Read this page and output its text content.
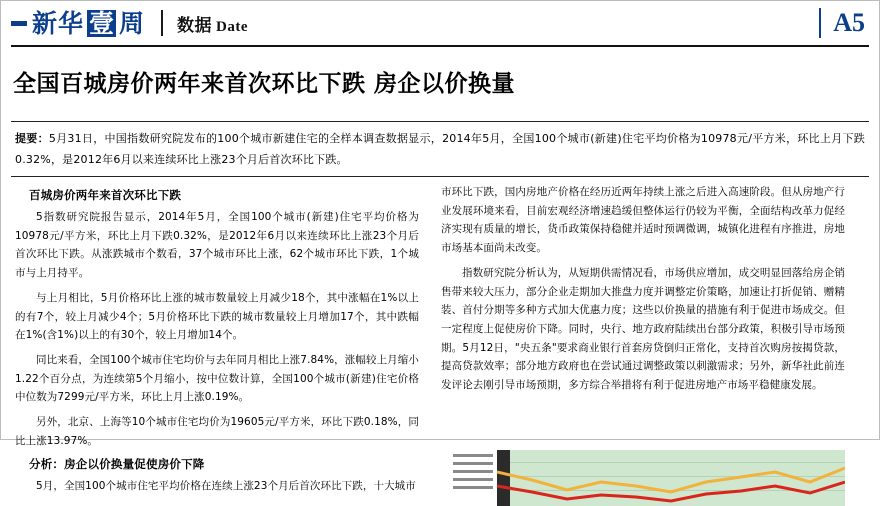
新华 壹 周 数据 Date	A5
全国百城房价两年来首次环比下跌 房企以价换量
提要：5月31日，中国指数研究院发布的100个城市新建住宅的全样本调查数据显示，2014年5月，全国100个城市(新建)住宅平均价格为10978元/平方米，环比上月下跌0.32%，是2012年6月以来连续环比上涨23个月后首次环比下跌。
百城房价两年来首次环比下跌

5指数研究院报告显示，2014年5月，全国100个城市(新建)住宅平均价格为10978元/平方米，环比上月下跌0.32%，是2012年6月以来连续环比上涨23个月后首次环比下跌。从涨跌城市个数看，37个城市环比上涨，62个城市环比下跌，1个城市与上月持平。

与上月相比，5月价格环比上涨的城市数量较上月减少18个，其中涨幅在1%以上的有7个，较上月减少4个；5月价格环比下跌的城市数量较上月增加17个，其中跌幅在1%(含1%)以上的有30个，较上月增加14个。

同比来看，全国100个城市住宅均价与去年同月相比上涨7.84%，涨幅较上月缩小1.22个百分点，为连续第5个月缩小，按中位数计算，全国100个城市(新建)住宅价格中位数为7299元/平方米，环比上月上涨0.19%。

另外，北京、上海等10个城市住宅均价为19605元/平方米，环比下跌0.18%，同比上涨13.97%。

分析：房企以价换量促使房价下降

5月，全国100个城市住宅平均价格在连续上涨23个月后首次环比下跌，十大城市

市环比下跌，国内房地产价格在经历近两年持续上涨之后进入高速阶段。但从房地产行业发展环境来看，目前宏观经济增速趋缓但整体运行仍较为平衡，全面结构改革力促经济实现有质量的增长，货币政策保持稳健并适时预调微调，城镇化进程有序推进，房地市场基本面尚未改变。

指数研究院分析认为，从短期供需情况看，市场供应增加，成交明显回落给房企销售带来较大压力，部分企业走期加大推盘力度并调整定价策略，加速让打折促销、赠精装、首付分期等多种方式加大优惠力度；这些以价换量的措施有利于促进市场成交。但一定程度上促使房价下降。同时，央行、地方政府陆续出台部分政策，积极引导市场预期。5月12日，"央五条"要求商业银行首套房贷倒归正常化，支持首次购房按揭贷款，提高贷款效率；部分地方政府也在尝试通过调整政策以刺激需求；另外，新华社此前连发评论去刚引导市场预期，多方综合举措将有利于促进房地产市场平稳健康发展。
